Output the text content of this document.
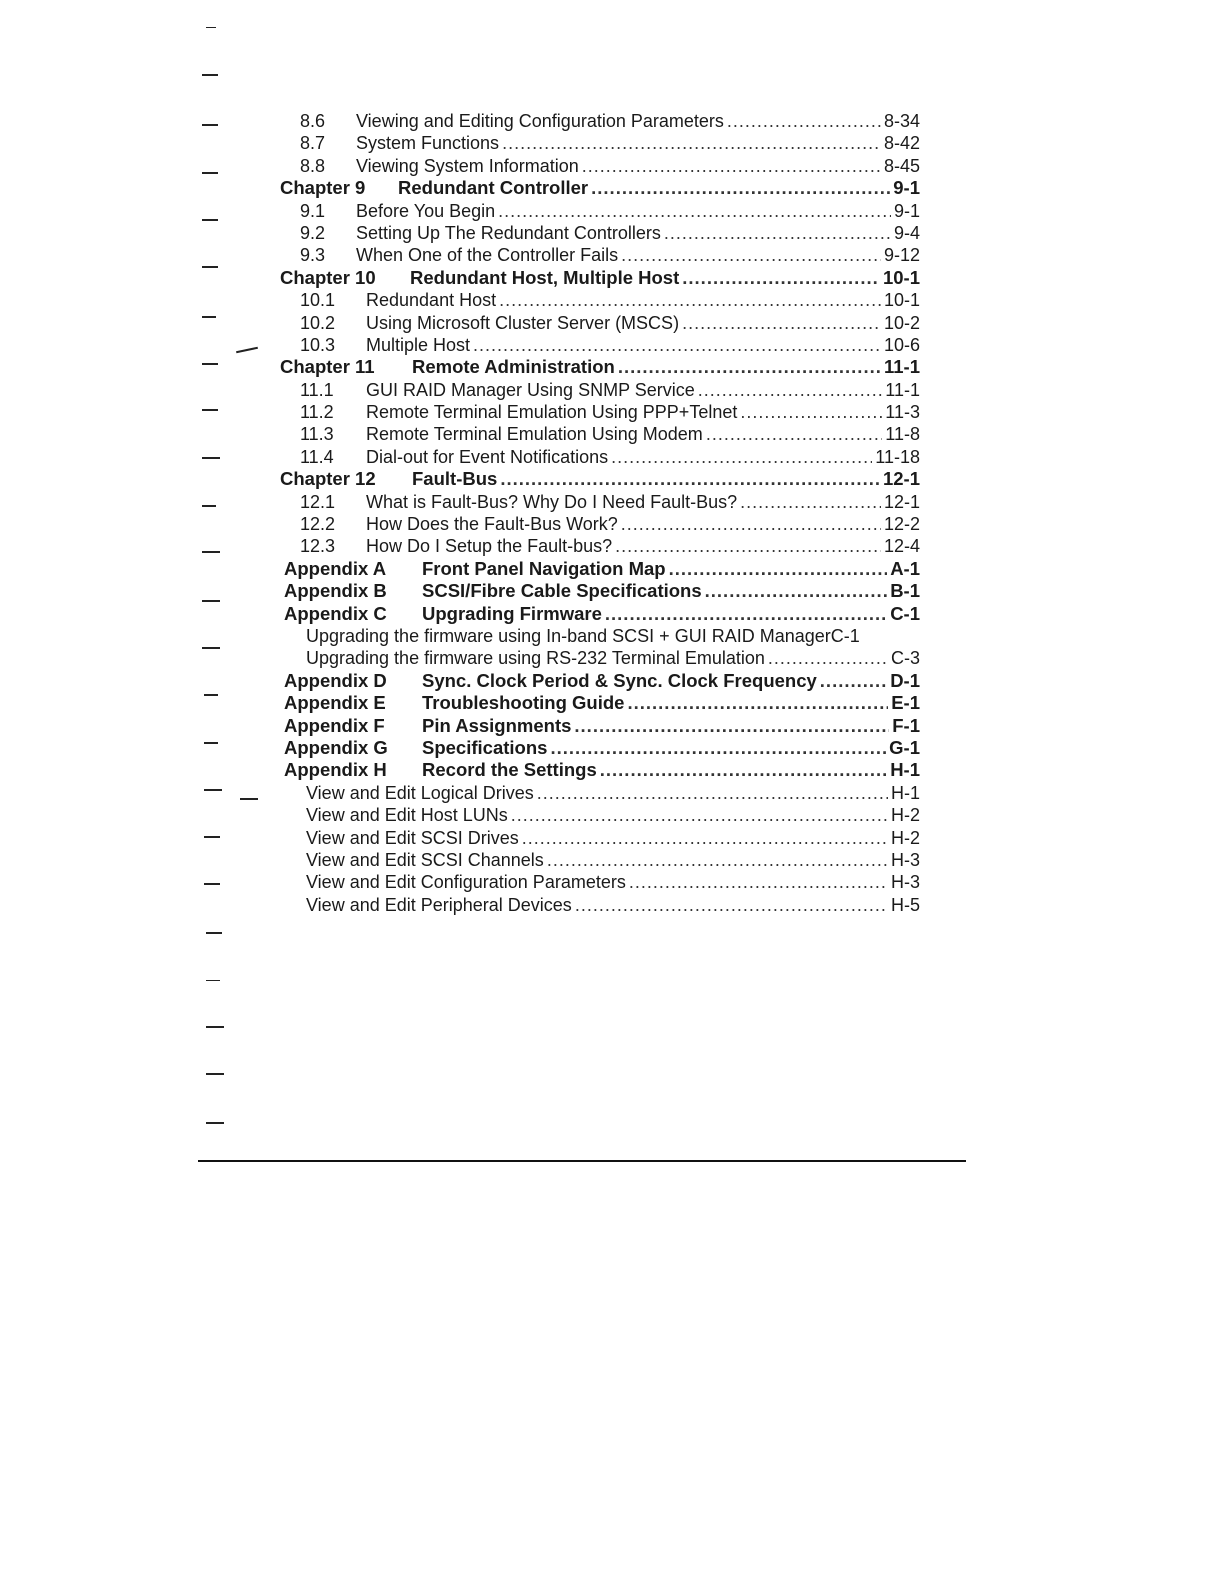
8.6	Viewing and Editing Configuration Parameters .....	8-34
8.7	System Functions .....	8-42
8.8	Viewing System Information .....	8-45
Chapter 9	Redundant Controller .....	9-1
9.1	Before You Begin .....	9-1
9.2	Setting Up The Redundant Controllers .....	9-4
9.3	When One of the Controller Fails .....	9-12
Chapter 10	Redundant Host, Multiple Host .....	10-1
10.1	Redundant Host .....	10-1
10.2	Using Microsoft Cluster Server (MSCS) .....	10-2
10.3	Multiple Host .....	10-6
Chapter 11	Remote Administration .....	11-1
11.1	GUI RAID Manager Using SNMP Service .....	11-1
11.2	Remote Terminal Emulation Using PPP+Telnet .....	11-3
11.3	Remote Terminal Emulation Using Modem .....	11-8
11.4	Dial-out for Event Notifications .....	11-18
Chapter 12	Fault-Bus .....	12-1
12.1	What is Fault-Bus? Why Do I Need Fault-Bus? .....	12-1
12.2	How Does the Fault-Bus Work? .....	12-2
12.3	How Do I Setup the Fault-bus? .....	12-4
Appendix A	Front Panel Navigation Map .....	A-1
Appendix B	SCSI/Fibre Cable Specifications .....	B-1
Appendix C	Upgrading Firmware .....	C-1
Upgrading the firmware using In-band SCSI + GUI RAID Manager C-1
Upgrading the firmware using RS-232 Terminal Emulation .....	C-3
Appendix D	Sync. Clock Period & Sync. Clock Frequency .....	D-1
Appendix E	Troubleshooting Guide .....	E-1
Appendix F	Pin Assignments .....	F-1
Appendix G	Specifications .....	G-1
Appendix H	Record the Settings .....	H-1
View and Edit Logical Drives .....	H-1
View and Edit Host LUNs .....	H-2
View and Edit SCSI Drives .....	H-2
View and Edit SCSI Channels .....	H-3
View and Edit Configuration Parameters .....	H-3
View and Edit Peripheral Devices .....	H-5
